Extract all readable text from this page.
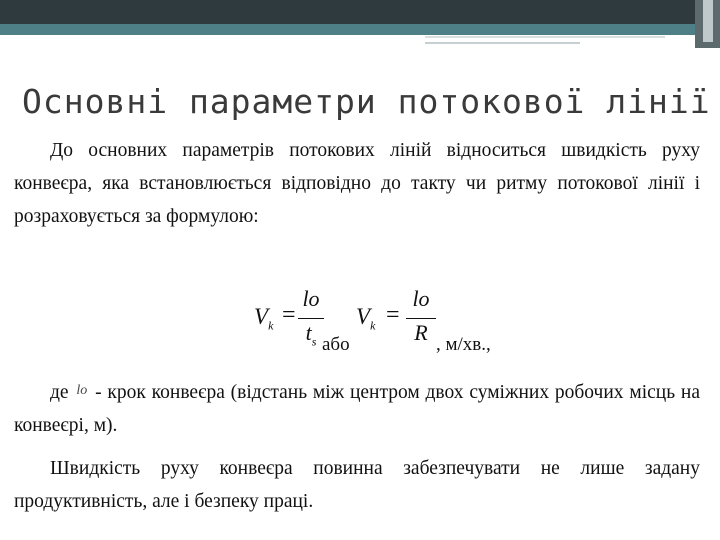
Основні параметри потокової лінії
До основних параметрів потокових ліній відноситься швидкість руху конвеєра, яка встановлюється відповідно до такту чи ритму потокової лінії і розраховується за формулою:
$V_k$ =
lo
$t_s$ або
$V_k$ =
lo
R , м/хв.,
де $^{lo}$ - крок конвеєра (відстань між центром двох суміжних робочих місць на конвеєрі, м).
Швидкість руху конвеєра повинна забезпечувати не лише задану продуктивність, але і безпеку праці.
